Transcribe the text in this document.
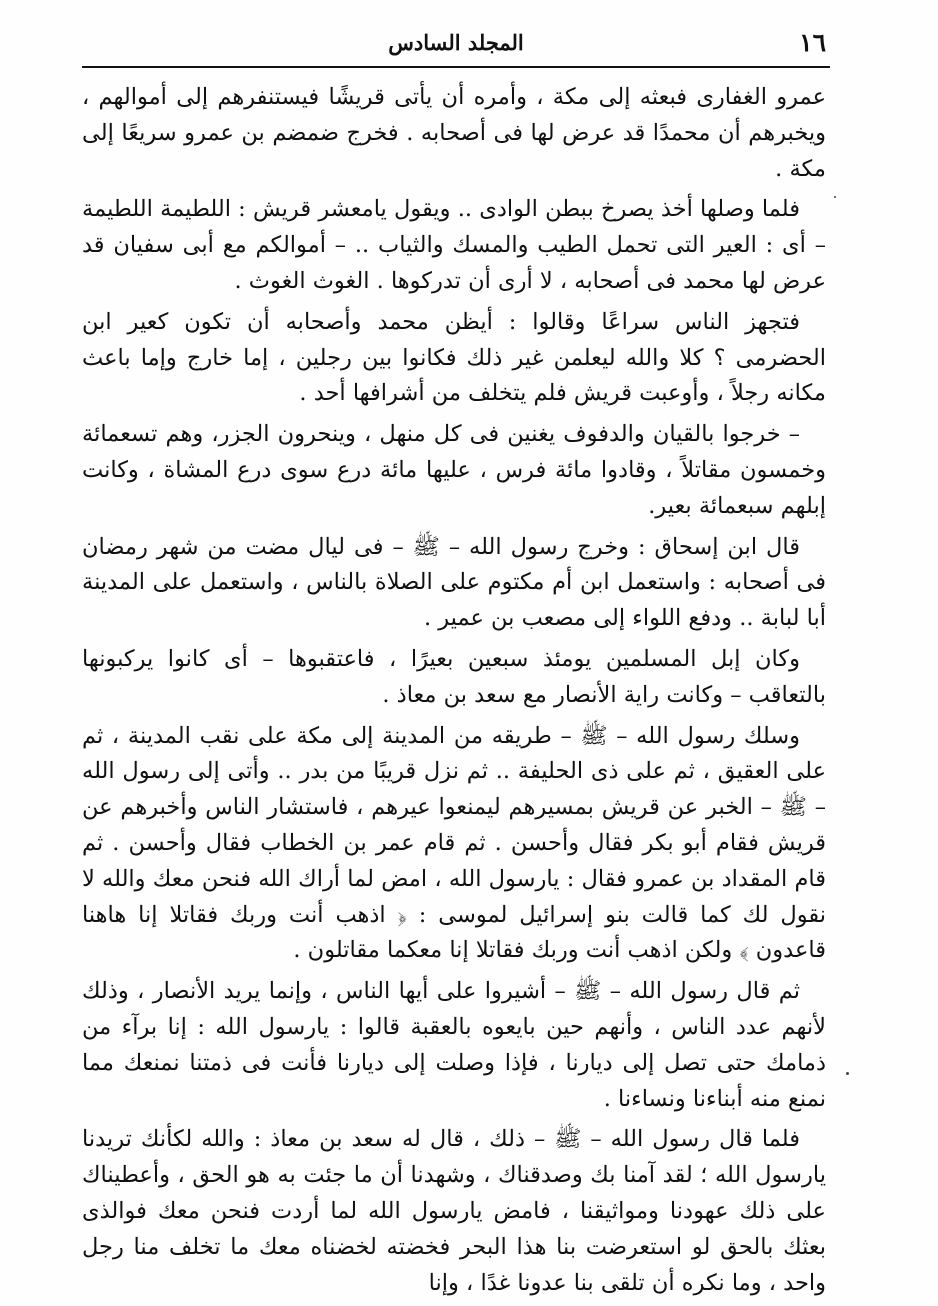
١٦
المجلد السادس

عمرو الغفارى فبعثه إلى مكة ، وأمره أن يأتى قريشًا فيستنفرهم إلى أموالهم ، ويخبرهم أن محمدًا قد عرض لها فى أصحابه . فخرج ضمضم بن عمرو سريعًا إلى مكة .

فلما وصلها أخذ يصرخ ببطن الوادى .. ويقول يامعشر قريش : اللطيمة اللطيمة – أى : العير التى تحمل الطيب والمسك والثياب .. – أموالكم مع أبى سفيان قد عرض لها محمد فى أصحابه ، لا أرى أن تدركوها . الغوث الغوث .

فتجهز الناس سراعًا وقالوا : أيظن محمد وأصحابه أن تكون كعير ابن الحضرمى ؟ كلا والله ليعلمن غير ذلك فكانوا بين رجلين ، إما خارج وإما باعث مكانه رجلاً ، وأوعبت قريش فلم يتخلف من أشرافها أحد .

– خرجوا بالقيان والدفوف يغنين فى كل منهل ، وينحرون الجزر، وهم تسعمائة وخمسون مقاتلاً ، وقادوا مائة فرس ، عليها مائة درع سوى درع المشاة ، وكانت إبلهم سبعمائة بعير.

قال ابن إسحاق : وخرج رسول الله – ﷺ – فى ليال مضت من شهر رمضان فى أصحابه : واستعمل ابن أم مكتوم على الصلاة بالناس ، واستعمل على المدينة أبا لبابة .. ودفع اللواء إلى مصعب بن عمير .

وكان إبل المسلمين يومئذ سبعين بعيرًا ، فاعتقبوها – أى كانوا يركبونها بالتعاقب – وكانت راية الأنصار مع سعد بن معاذ .

وسلك رسول الله – ﷺ – طريقه من المدينة إلى مكة على نقب المدينة ، ثم على العقيق ، ثم على ذى الحليفة .. ثم نزل قريبًا من بدر .. وأتى إلى رسول الله – ﷺ – الخبر عن قريش بمسيرهم ليمنعوا عيرهم ، فاستشار الناس وأخبرهم عن قريش فقام أبو بكر فقال وأحسن . ثم قام عمر بن الخطاب فقال وأحسن . ثم قام المقداد بن عمرو فقال : يارسول الله ، امض لما أراك الله فنحن معك والله لا نقول لك كما قالت بنو إسرائيل لموسى : ﴿ اذهب أنت وربك فقاتلا إنا هاهنا قاعدون ﴾ ولكن اذهب أنت وربك فقاتلا إنا معكما مقاتلون .

ثم قال رسول الله – ﷺ – أشيروا على أيها الناس ، وإنما يريد الأنصار ، وذلك لأنهم عدد الناس ، وأنهم حين بايعوه بالعقبة قالوا : يارسول الله : إنا برآء من ذمامك حتى تصل إلى ديارنا ، فإذا وصلت إلى ديارنا فأنت فى ذمتنا نمنعك مما نمنع منه أبناءنا ونساءنا .

فلما قال رسول الله – ﷺ – ذلك ، قال له سعد بن معاذ : والله لكأنك تريدنا يارسول الله ؛ لقد آمنا بك وصدقناك ، وشهدنا أن ما جئت به هو الحق ، وأعطيناك على ذلك عهودنا ومواثيقنا ، فامض يارسول الله لما أردت فنحن معك فوالذى بعثك بالحق لو استعرضت بنا هذا البحر فخضته لخضناه معك ما تخلف منا رجل واحد ، وما نكره أن تلقى بنا عدونا غدًا ، وإنا
